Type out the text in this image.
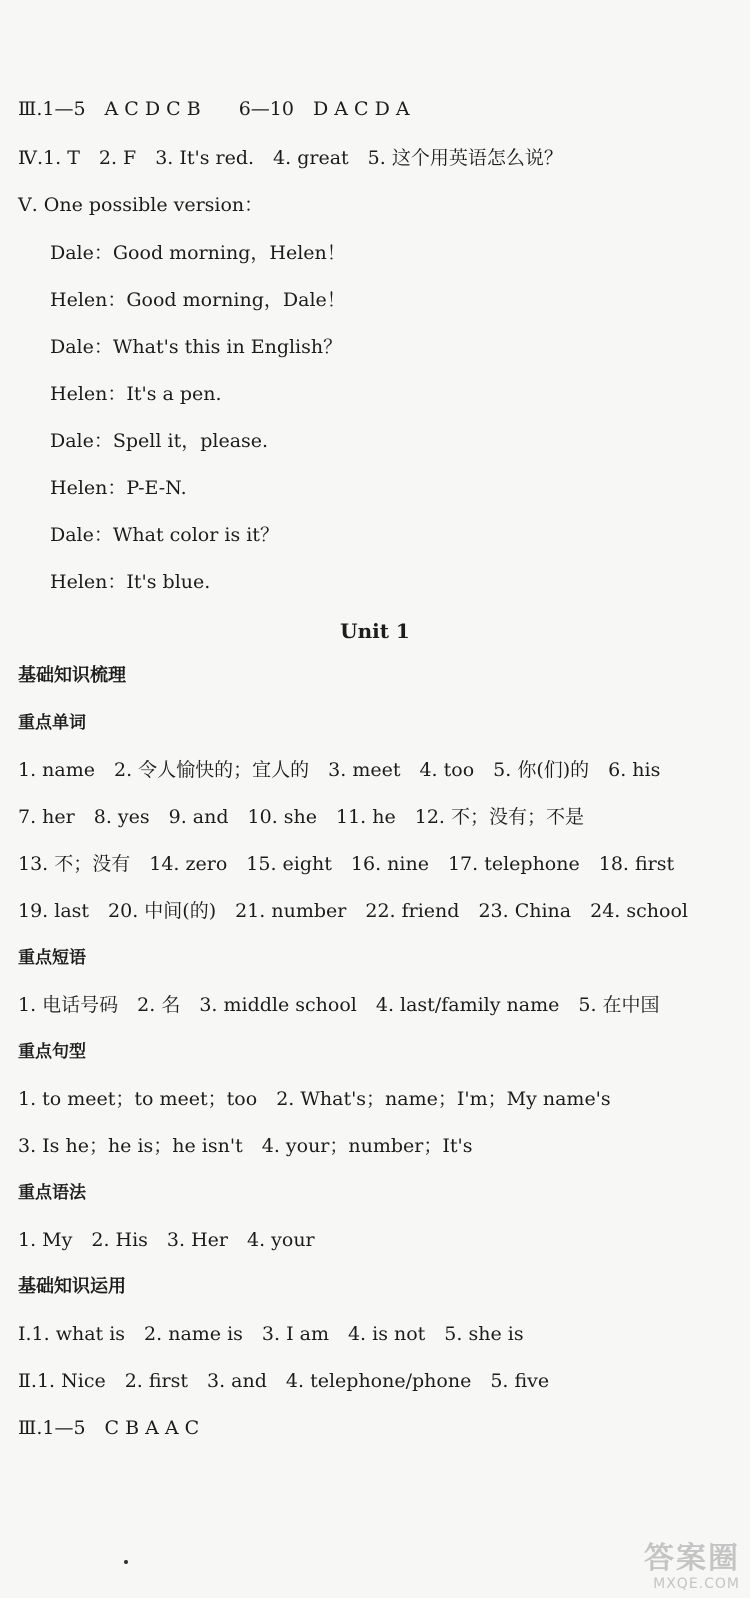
Ⅲ.1—5　A C D C B　　6—10　D A C D A
Ⅳ.1. T　2. F　3. It's red.　4. great　5. 这个用英语怎么说？
Ⅴ. One possible version：
Dale：Good morning，Helen！
Helen：Good morning，Dale！
Dale：What's this in English？
Helen：It's a pen.
Dale：Spell it，please.
Helen：P-E-N.
Dale：What color is it？
Helen：It's blue.
Unit 1
基础知识梳理
重点单词
1. name　2. 令人愉快的；宜人的　3. meet　4. too　5. 你(们)的　6. his
7. her　8. yes　9. and　10. she　11. he　12. 不；没有；不是
13. 不；没有　14. zero　15. eight　16. nine　17. telephone　18. first
19. last　20. 中间(的)　21. number　22. friend　23. China　24. school
重点短语
1. 电话号码　2. 名　3. middle school　4. last/family name　5. 在中国
重点句型
1. to meet；to meet；too　2. What's；name；I'm；My name's
3. Is he；he is；he isn't　4. your；number；It's
重点语法
1. My　2. His　3. Her　4. your
基础知识运用
Ⅰ.1. what is　2. name is　3. I am　4. is not　5. she is
Ⅱ.1. Nice　2. first　3. and　4. telephone/phone　5. five
Ⅲ.1—5　C B A A C
答案圈
MXQE.COM
